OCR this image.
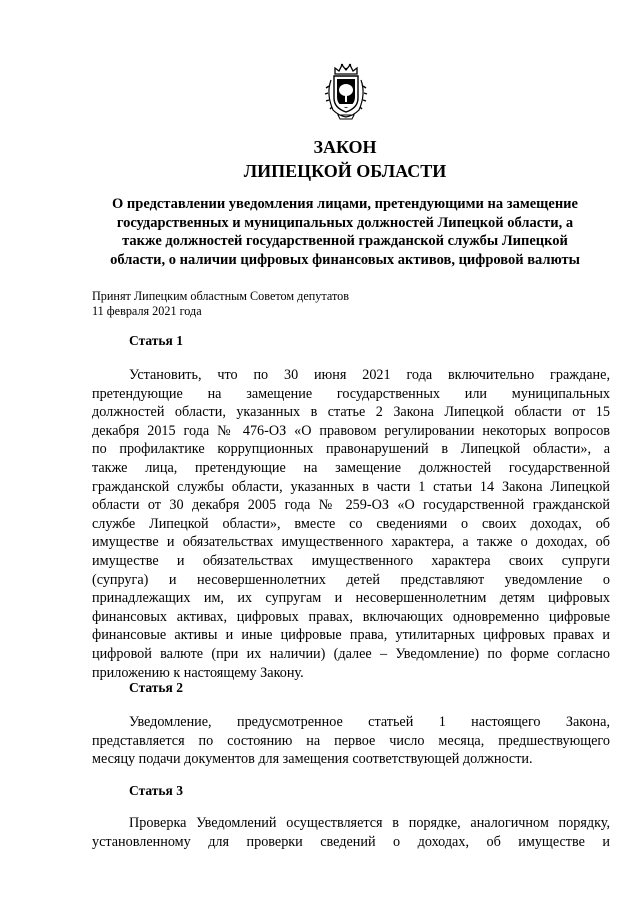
ЗАКОН
ЛИПЕЦКОЙ ОБЛАСТИ
О представлении уведомления лицами, претендующими на замещение
государственных и муниципальных должностей Липецкой области, а
также должностей государственной гражданской службы Липецкой
области, о наличии цифровых финансовых активов, цифровой валюты
Принят Липецким областным Советом депутатов
11 февраля 2021 года
Статья 1
Установить, что по 30 июня 2021 года включительно граждане,
претендующие на замещение государственных или муниципальных
должностей области, указанных в статье 2 Закона Липецкой области от 15
декабря 2015 года № 476-ОЗ «О правовом регулировании некоторых вопросов
по профилактике коррупционных правонарушений в Липецкой области», а
также лица, претендующие на замещение должностей государственной
гражданской службы области, указанных в части 1 статьи 14 Закона Липецкой
области от 30 декабря 2005 года № 259-ОЗ «О государственной гражданской
службе Липецкой области», вместе со сведениями о своих доходах, об
имуществе и обязательствах имущественного характера, а также о доходах, об
имуществе и обязательствах имущественного характера своих супруги
(супруга) и несовершеннолетних детей представляют уведомление о
принадлежащих им, их супругам и несовершеннолетним детям цифровых
финансовых активах, цифровых правах, включающих одновременно цифровые
финансовые активы и иные цифровые права, утилитарных цифровых правах и
цифровой валюте (при их наличии) (далее – Уведомление) по форме согласно
приложению к настоящему Закону.
Статья 2
Уведомление, предусмотренное статьей 1 настоящего Закона,
представляется по состоянию на первое число месяца, предшествующего
месяцу подачи документов для замещения соответствующей должности.
Статья 3
Проверка Уведомлений осуществляется в порядке, аналогичном порядку,
установленному для проверки сведений о доходах, об имуществе и
